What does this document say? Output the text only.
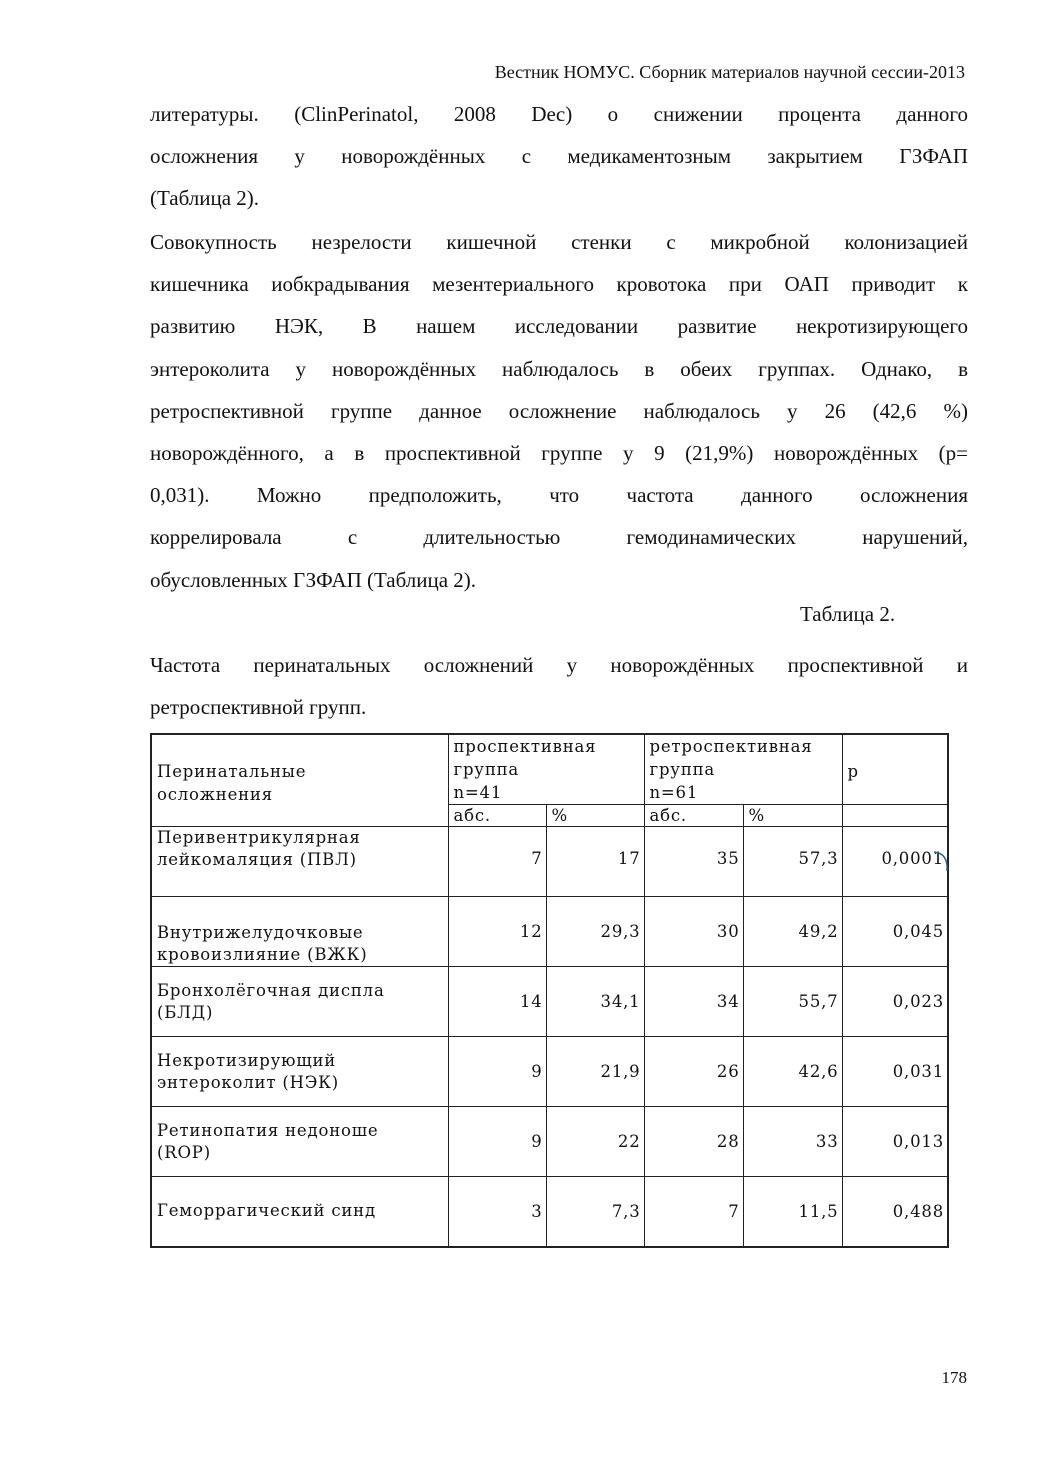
Вестник НОМУС. Сборник материалов научной сессии-2013
литературы. (ClinPerinatol, 2008 Dec) о снижении процента данного
осложнения у новорождённых с медикаментозным закрытием ГЗФАП
(Таблица 2).
Совокупность незрелости кишечной стенки с микробной колонизацией
кишечника иобкрадывания мезентериального кровотока при ОАП приводит к
развитию НЭК, В нашем исследовании развитие некротизирующего
энтероколита у новорождённых наблюдалось в обеих группах. Однако, в
ретроспективной группе данное осложнение наблюдалось у 26 (42,6 %)
новорождённого, а в проспективной группе у 9 (21,9%) новорождённых (p=
0,031). Можно предположить, что частота данного осложнения
коррелировала с длительностью гемодинамических нарушений,
обусловленных ГЗФАП (Таблица 2).
Таблица 2.
Частота перинатальных осложнений у новорождённых проспективной и
ретроспективной групп.
Перинатальные
осложнения	проспективная
группа
n=41		ретроспективная
группа
n=61		p
	абс.	%	абс.	%	

Перивентрикулярная
лейкомаляция (ПВЛ)	7	17	35	57,3	0,0001

Внутрижелудочковые
кровоизлияние (ВЖК)	12	29,3	30	49,2	0,045

Бронхолёгочная диспла
(БЛД)	14	34,1	34	55,7	0,023

Некротизирующий
энтероколит (НЭК)	9	21,9	26	42,6	0,031

Ретинопатия недоноше
(ROP)	9	22	28	33	0,013

Геморрагический синд	3	7,3	7	11,5	0,488
178
